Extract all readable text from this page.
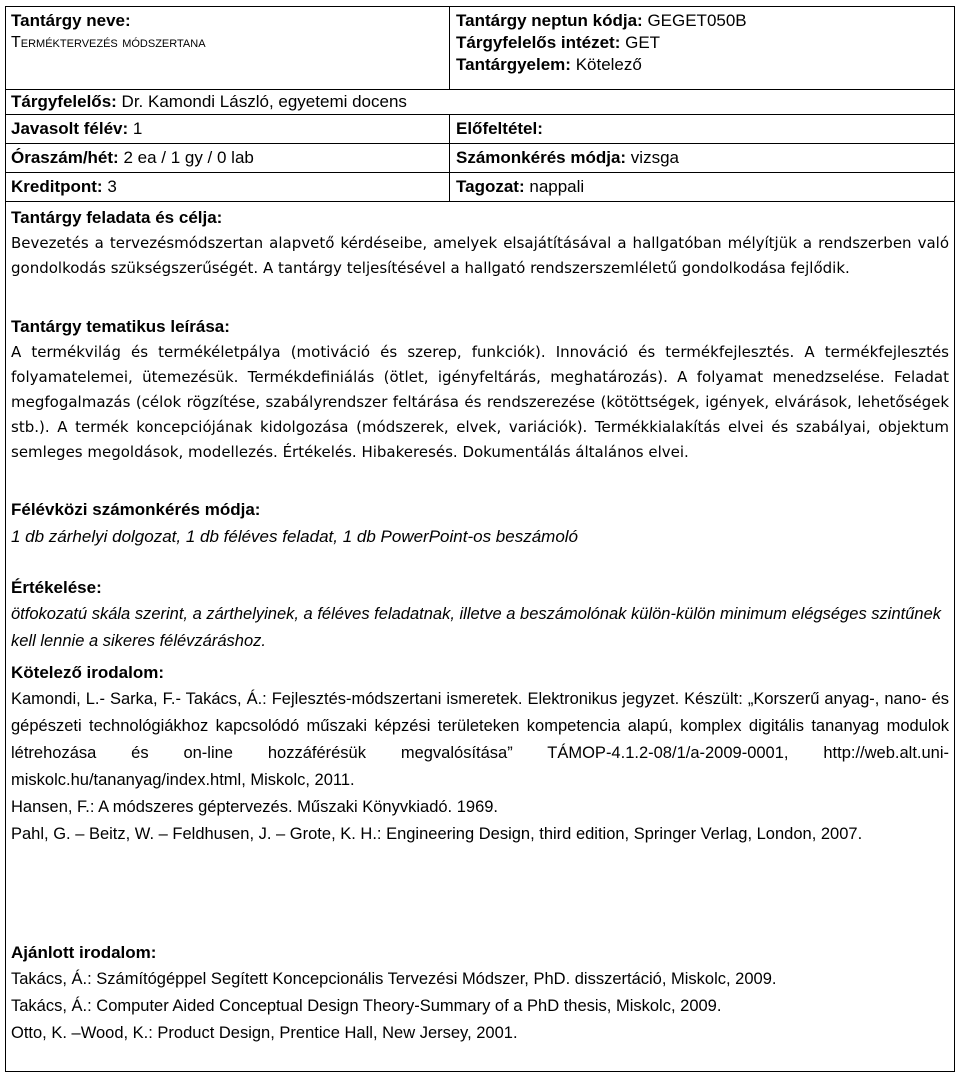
Tantárgy neve:
Terméktervezés módszertana
Tantárgy neptun kódja: GEGET050B
Tárgyfelelős intézet: GET
Tantárgyelem: Kötelező
Tárgyfelelős: Dr. Kamondi László, egyetemi docens
Javasolt félév: 1	Előfeltétel:
Óraszám/hét: 2 ea / 1 gy / 0 lab	Számonkérés módja: vizsga
Kreditpont: 3	Tagozat: nappali
Tantárgy feladata és célja:

Bevezetés a tervezésmódszertan alapvető kérdéseibe, amelyek elsajátításával a hallgatóban mélyítjük a rendszerben való gondolkodás szükségszerűségét. A tantárgy teljesítésével a hallgató rendszerszemléletű gondolkodása fejlődik.

Tantárgy tematikus leírása:

A termékvilág és termékéletpálya (motiváció és szerep, funkciók). Innováció és termékfejlesztés. A termékfejlesztés folyamatelemei, ütemezésük. Termékdefiniálás (ötlet, igényfeltárás, meghatározás). A folyamat menedzselése. Feladat megfogalmazás (célok rögzítése, szabályrendszer feltárása és rendszerezése (kötöttségek, igények, elvárások, lehetőségek stb.). A termék koncepciójának kidolgozása (módszerek, elvek, variációk). Termékkialakítás elvei és szabályai, objektum semleges megoldások, modellezés. Értékelés. Hibakeresés. Dokumentálás általános elvei.

Félévközi számonkérés módja:

1 db zárhelyi dolgozat, 1 db féléves feladat, 1 db PowerPoint-os beszámoló

Értékelése:

ötfokozatú skála szerint, a zárthelyinek, a féléves feladatnak, illetve a beszámolónak külön-külön minimum elégséges szintűnek kell lennie a sikeres félévzáráshoz.

Kötelező irodalom:

Kamondi, L.- Sarka, F.- Takács, Á.: Fejlesztés-módszertani ismeretek. Elektronikus jegyzet. Készült: „Korszerű anyag-, nano- és gépészeti technológiákhoz kapcsolódó műszaki képzési területeken kompetencia alapú, komplex digitális tananyag modulok létrehozása és on-line hozzáférésük megvalósítása” TÁMOP-4.1.2-08/1/a-2009-0001, http://web.alt.uni-miskolc.hu/tananyag/index.html, Miskolc, 2011.

Hansen, F.: A módszeres géptervezés. Műszaki Könyvkiadó. 1969.

Pahl, G. – Beitz, W. – Feldhusen, J. – Grote, K. H.: Engineering Design, third edition, Springer Verlag, London, 2007.

Ajánlott irodalom:

Takács, Á.: Számítógéppel Segített Koncepcionális Tervezési Módszer, PhD. disszertáció, Miskolc, 2009.

Takács, Á.: Computer Aided Conceptual Design Theory-Summary of a PhD thesis, Miskolc, 2009.

Otto, K. –Wood, K.: Product Design, Prentice Hall, New Jersey, 2001.
